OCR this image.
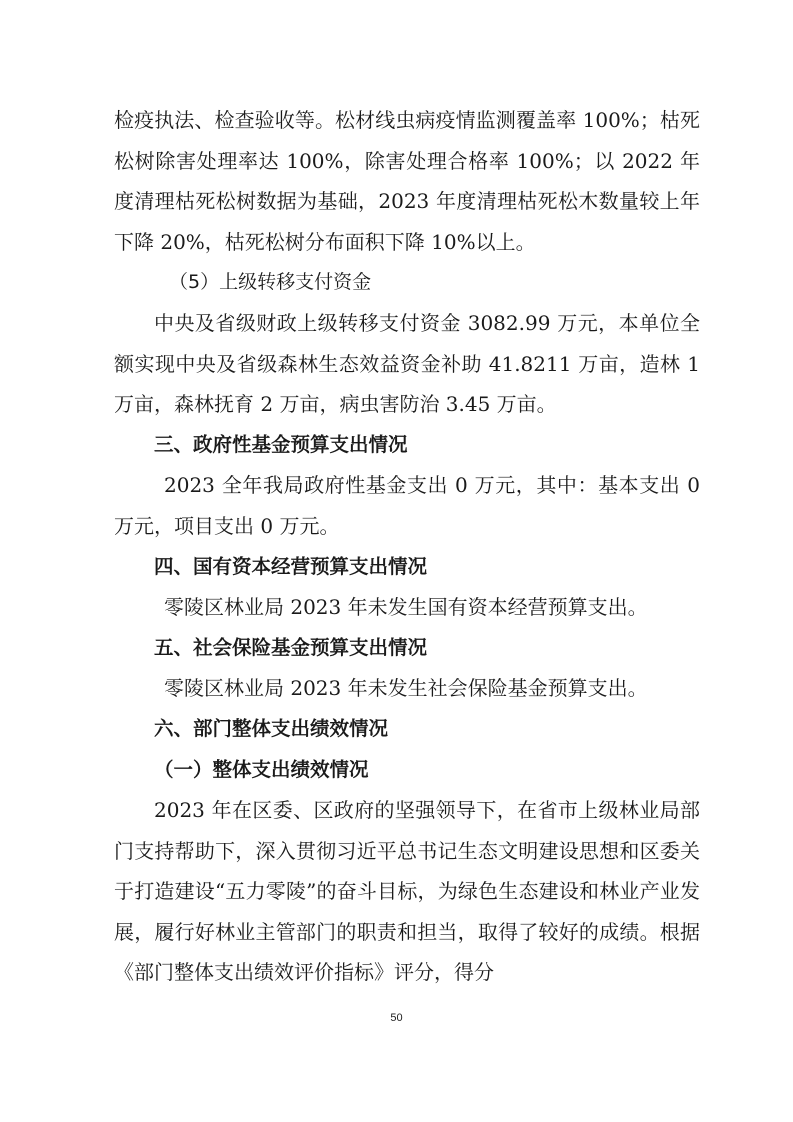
检疫执法、检查验收等。松材线虫病疫情监测覆盖率 100%；枯死松树除害处理率达 100%，除害处理合格率 100%；以 2022 年度清理枯死松树数据为基础，2023 年度清理枯死松木数量较上年下降 20%，枯死松树分布面积下降 10%以上。

（5）上级转移支付资金

中央及省级财政上级转移支付资金 3082.99 万元，本单位全额实现中央及省级森林生态效益资金补助 41.8211 万亩，造林 1 万亩，森林抚育 2 万亩，病虫害防治 3.45 万亩。

三、政府性基金预算支出情况

2023 全年我局政府性基金支出 0 万元，其中：基本支出 0 万元，项目支出 0 万元。

四、国有资本经营预算支出情况

零陵区林业局 2023 年未发生国有资本经营预算支出。

五、社会保险基金预算支出情况

零陵区林业局 2023 年未发生社会保险基金预算支出。

六、部门整体支出绩效情况

（一）整体支出绩效情况

2023 年在区委、区政府的坚强领导下，在省市上级林业局部门支持帮助下，深入贯彻习近平总书记生态文明建设思想和区委关于打造建设“五力零陵”的奋斗目标，为绿色生态建设和林业产业发展，履行好林业主管部门的职责和担当，取得了较好的成绩。根据《部门整体支出绩效评价指标》评分，得分

50
